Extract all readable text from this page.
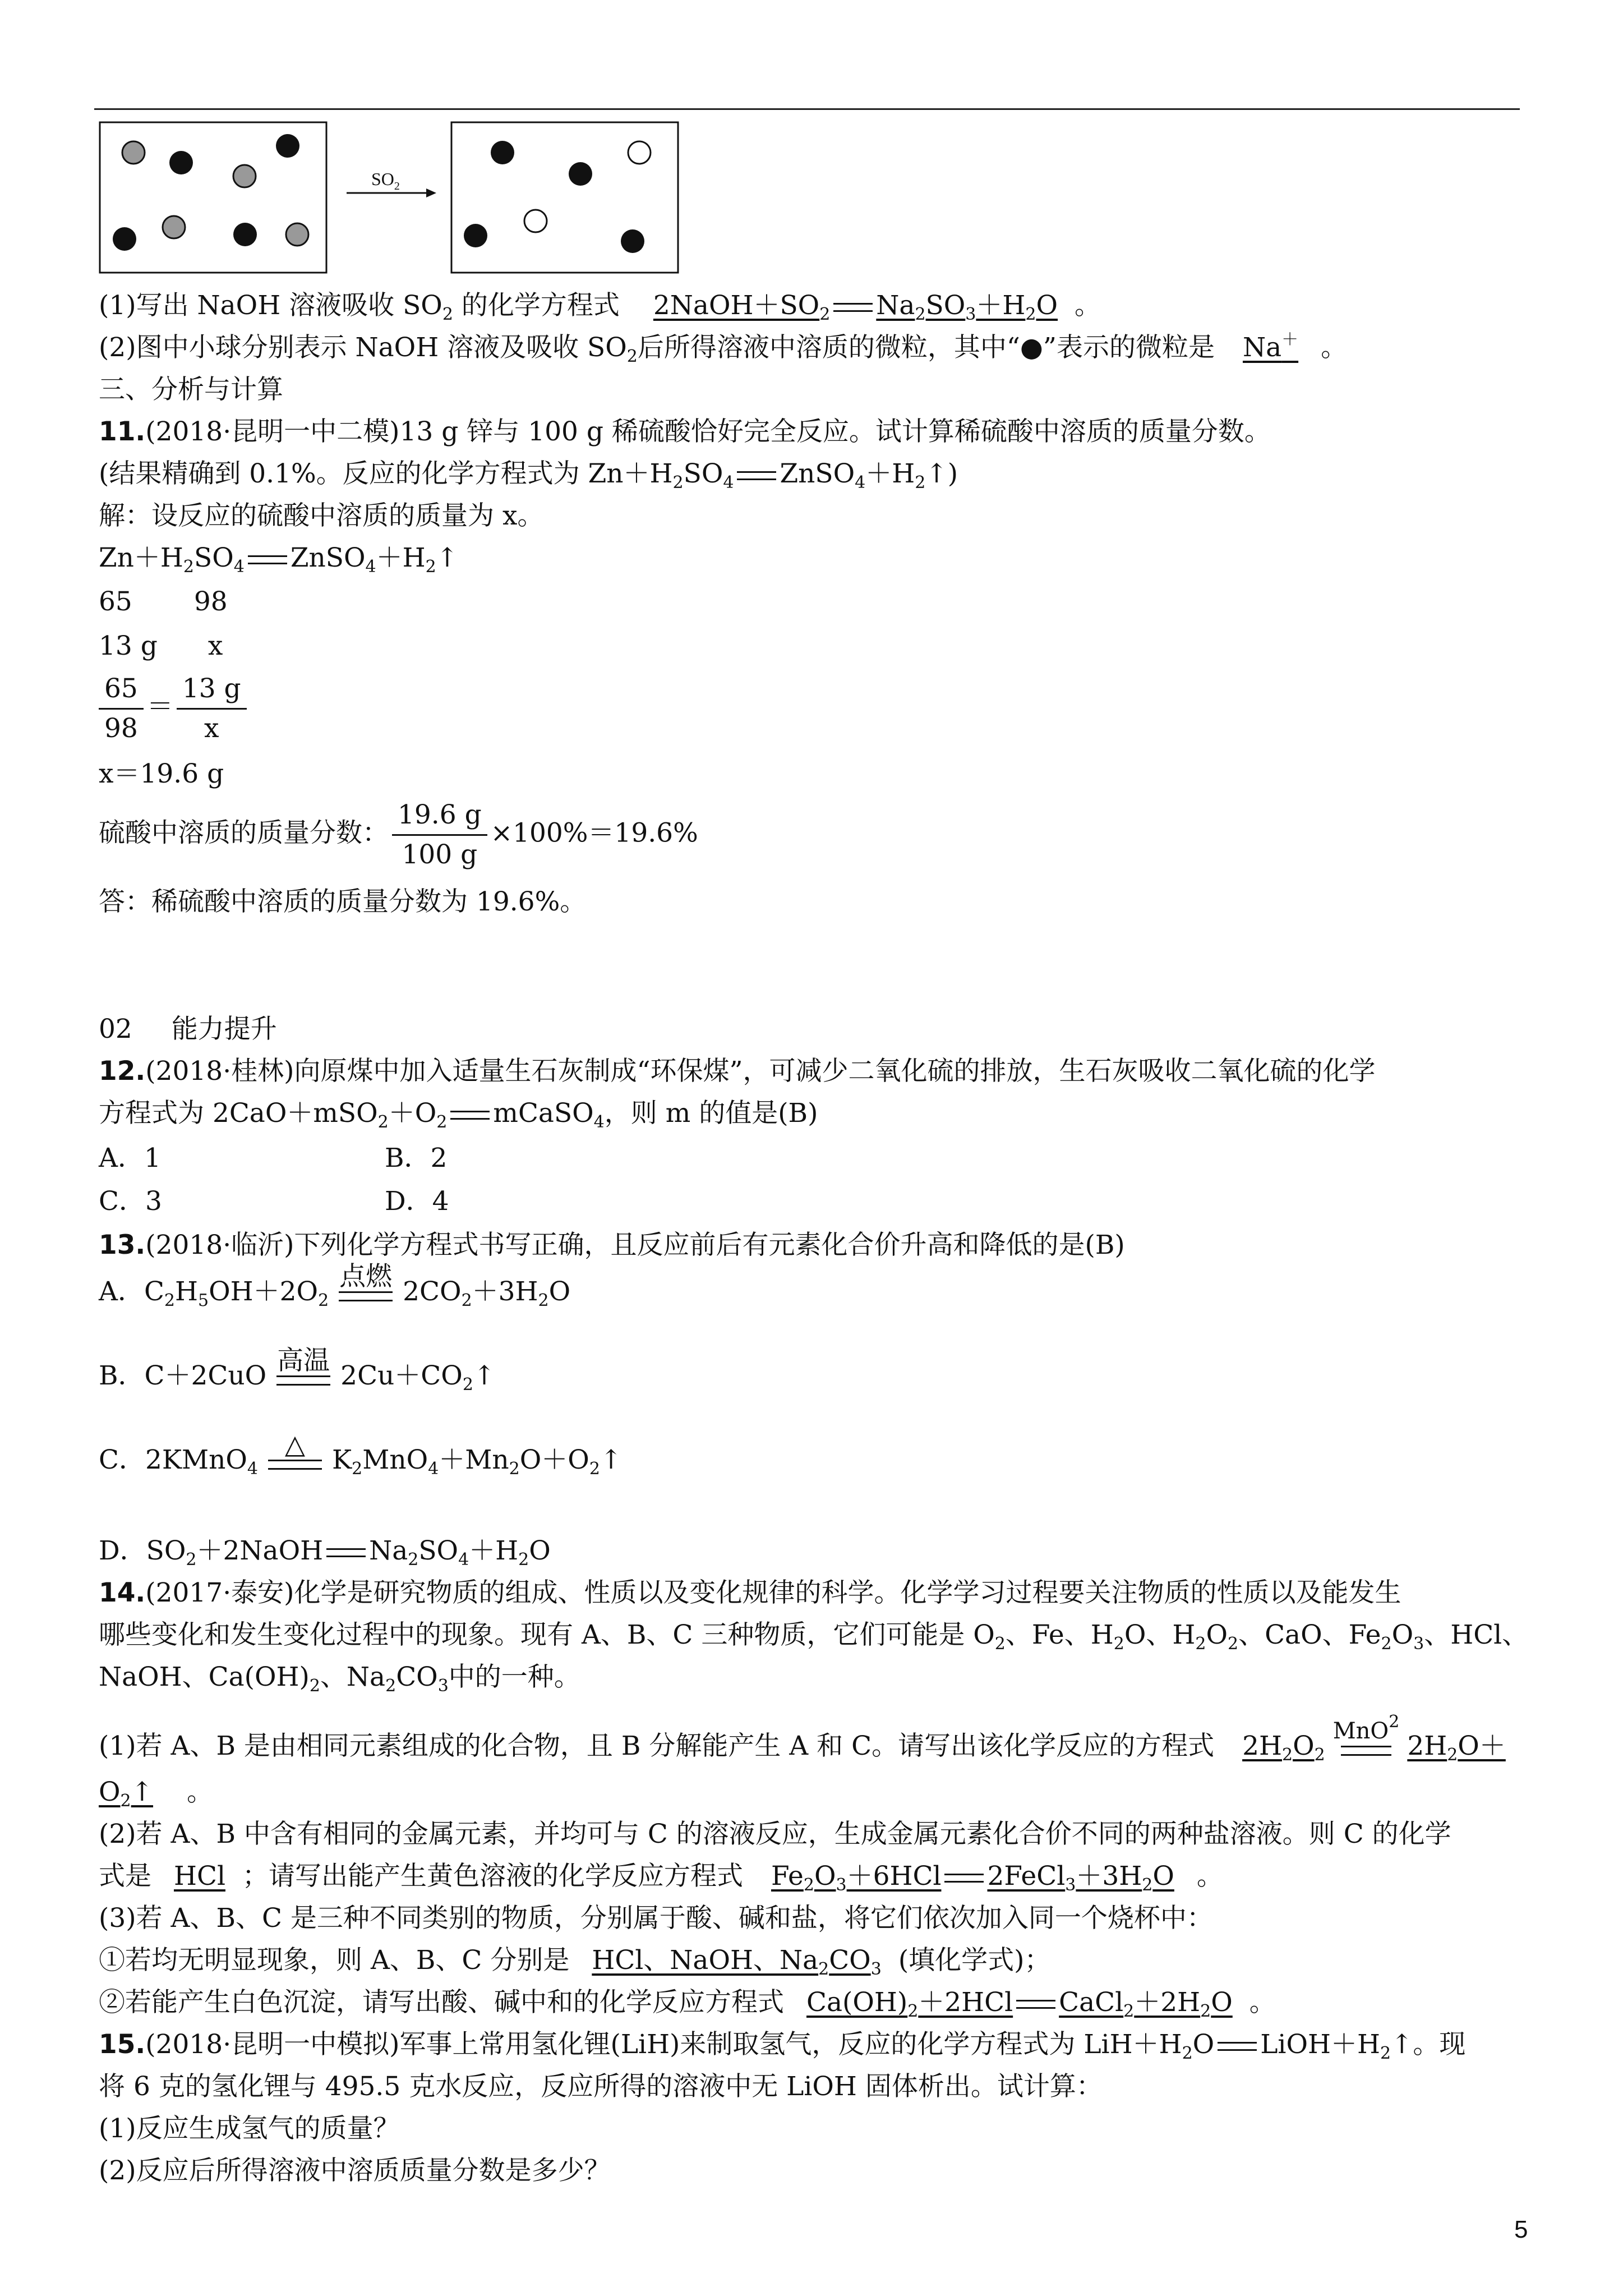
$SO_2$
(1)写出 NaOH 溶液吸收 $SO_2$ 的化学方程式 $2NaOH+SO_2$ $Na_2SO_3+H_2O$ 。
(2)图中小球分别表示 NaOH 溶液及吸收 $SO_2$后所得溶液中溶质的微粒，其中“●”表示的微粒是 Na＋ 。
三、分析与计算
11.(2018·昆明一中二模)13 g 锌与 100 g 稀硫酸恰好完全反应。试计算稀硫酸中溶质的质量分数。
(结果精确到 0.1%。反应的化学方程式为 $Zn+H_2SO_4$ $ZnSO_4+H_2↑$)
解：设反应的硫酸中溶质的质量为 x。
$Zn+H_2SO_4$ $ZnSO_4+H_2↑$
65 98
13 g x
$\frac{65}{98} = \frac{13 g}{x}$
x＝19.6 g
硫酸中溶质的质量分数： $\frac{19.6 g}{100 g} \times 100\%=19.6\%$
答：稀硫酸中溶质的质量分数为 19.6%。
02 能力提升
12.(2018·桂林)向原煤中加入适量生石灰制成“环保煤”，可减少二氧化硫的排放，生石灰吸收二氧化硫的化学
方程式为 $2CaO+mSO_2+O_2$ mCaSO$_4$，则 m 的值是(B)
A．1	B．2
C．3	D．4
13.(2018·临沂)下列化学方程式书写正确，且反应前后有元素化合价升高和降低的是(B)
A．$C_2H_5OH+2O_2$
点燃 $2CO_2+3H_2O$
B．C＋2CuO 高温 $2Cu+CO_2↑$
C．2KMnO$_4$
△	$K_2MnO_4+Mn_2O+O_2↑$
D．$SO_2+2NaOH$ $Na_2SO_4+H_2O$
14.(2017·泰安)化学是研究物质的组成、性质以及变化规律的科学。化学学习过程要关注物质的性质以及能发生
哪些变化和发生变化过程中的现象。现有 A、B、C 三种物质，它们可能是 $O_2$、Fe、$H_2O$、$H_2O_2$、CaO、$Fe_2O_3$、HCl、
NaOH、$Ca(OH)_2$、$Na_2CO_3$中的一种。
(1)若 A、B 是由相同元素组成的化合物，且 B 分解能产生 A 和 C。请写出该化学反应的方程式 $2H_2O_2$
MnO$^2$
$2H_2O+$
$O_2↑$ 。
(2)若 A、B 中含有相同的金属元素，并均可与 C 的溶液反应，生成金属元素化合价不同的两种盐溶液。则 C 的化学
式是 HCl ；请写出能产生黄色溶液的化学反应方程式 $Fe_2O_3+6HCl$ $2FeCl_3+3H_2O$ 。
(3)若 A、B、C 是三种不同类别的物质，分别属于酸、碱和盐，将它们依次加入同一个烧杯中：
①若均无明显现象，则 A、B、C 分别是 HCl、NaOH、$Na_2CO_3$ (填化学式)；
②若能产生白色沉淀，请写出酸、碱中和的化学反应方程式 $Ca(OH)_2+2HCl$ $CaCl_2+2H_2O$ 。
15.(2018·昆明一中模拟)军事上常用氢化锂(LiH)来制取氢气，反应的化学方程式为 $LiH+H_2O$ $LiOH+H_2↑$。现
将 6 克的氢化锂与 495.5 克水反应，反应所得的溶液中无 LiOH 固体析出。试计算：
(1)反应生成氢气的质量？
(2)反应后所得溶液中溶质质量分数是多少？
5
